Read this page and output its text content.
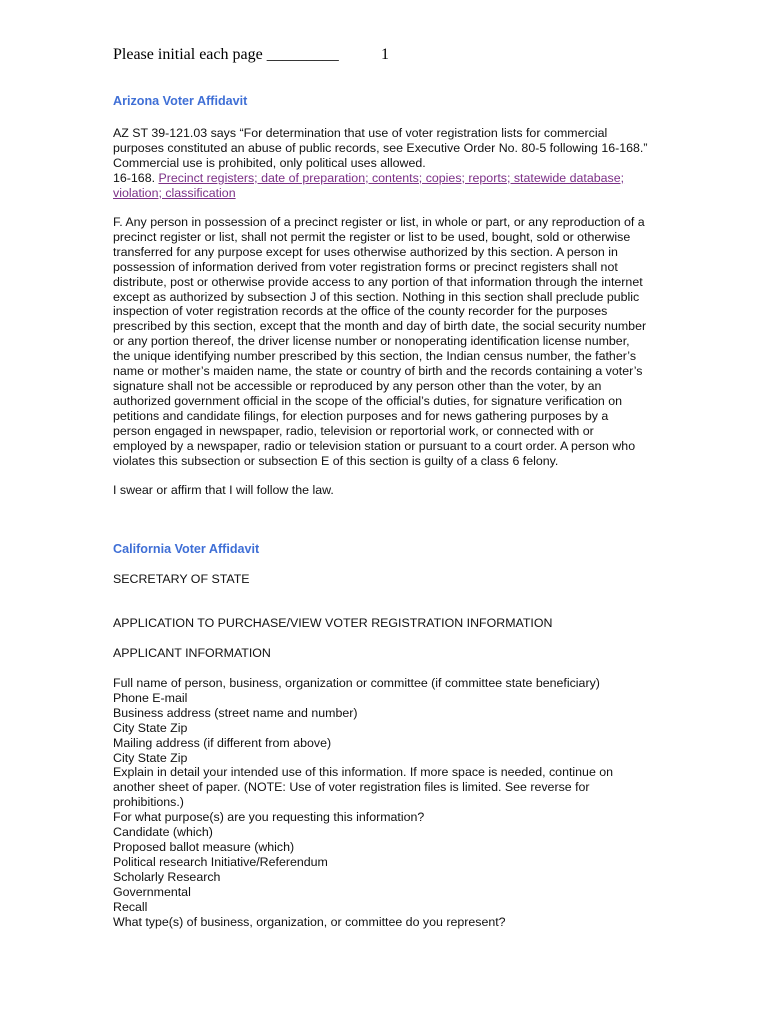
Please initial each page _________	1
Arizona Voter Affidavit
AZ ST 39-121.03 says “For determination that use of voter registration lists for commercial
purposes constituted an abuse of public records, see Executive Order No. 80-5 following 16-168.”
Commercial use is prohibited, only political uses allowed.
16-168. Precinct registers; date of preparation; contents; copies; reports; statewide database;
violation; classification
F. Any person in possession of a precinct register or list, in whole or part, or any reproduction of a
precinct register or list, shall not permit the register or list to be used, bought, sold or otherwise
transferred for any purpose except for uses otherwise authorized by this section. A person in
possession of information derived from voter registration forms or precinct registers shall not
distribute, post or otherwise provide access to any portion of that information through the internet
except as authorized by subsection J of this section. Nothing in this section shall preclude public
inspection of voter registration records at the office of the county recorder for the purposes
prescribed by this section, except that the month and day of birth date, the social security number
or any portion thereof, the driver license number or nonoperating identification license number,
the unique identifying number prescribed by this section, the Indian census number, the father’s
name or mother’s maiden name, the state or country of birth and the records containing a voter’s
signature shall not be accessible or reproduced by any person other than the voter, by an
authorized government official in the scope of the official’s duties, for signature verification on
petitions and candidate filings, for election purposes and for news gathering purposes by a
person engaged in newspaper, radio, television or reportorial work, or connected with or
employed by a newspaper, radio or television station or pursuant to a court order. A person who
violates this subsection or subsection E of this section is guilty of a class 6 felony.
I swear or affirm that I will follow the law.
California Voter Affidavit
SECRETARY OF STATE
APPLICATION TO PURCHASE/VIEW VOTER REGISTRATION INFORMATION
APPLICANT INFORMATION
Full name of person, business, organization or committee (if committee state beneficiary)
Phone E-mail
Business address (street name and number)
City State Zip
Mailing address (if different from above)
City State Zip
Explain in detail your intended use of this information. If more space is needed, continue on
another sheet of paper. (NOTE: Use of voter registration files is limited. See reverse for
prohibitions.)
For what purpose(s) are you requesting this information?
Candidate (which)
Proposed ballot measure (which)
Political research Initiative/Referendum
Scholarly Research
Governmental
Recall
What type(s) of business, organization, or committee do you represent?
